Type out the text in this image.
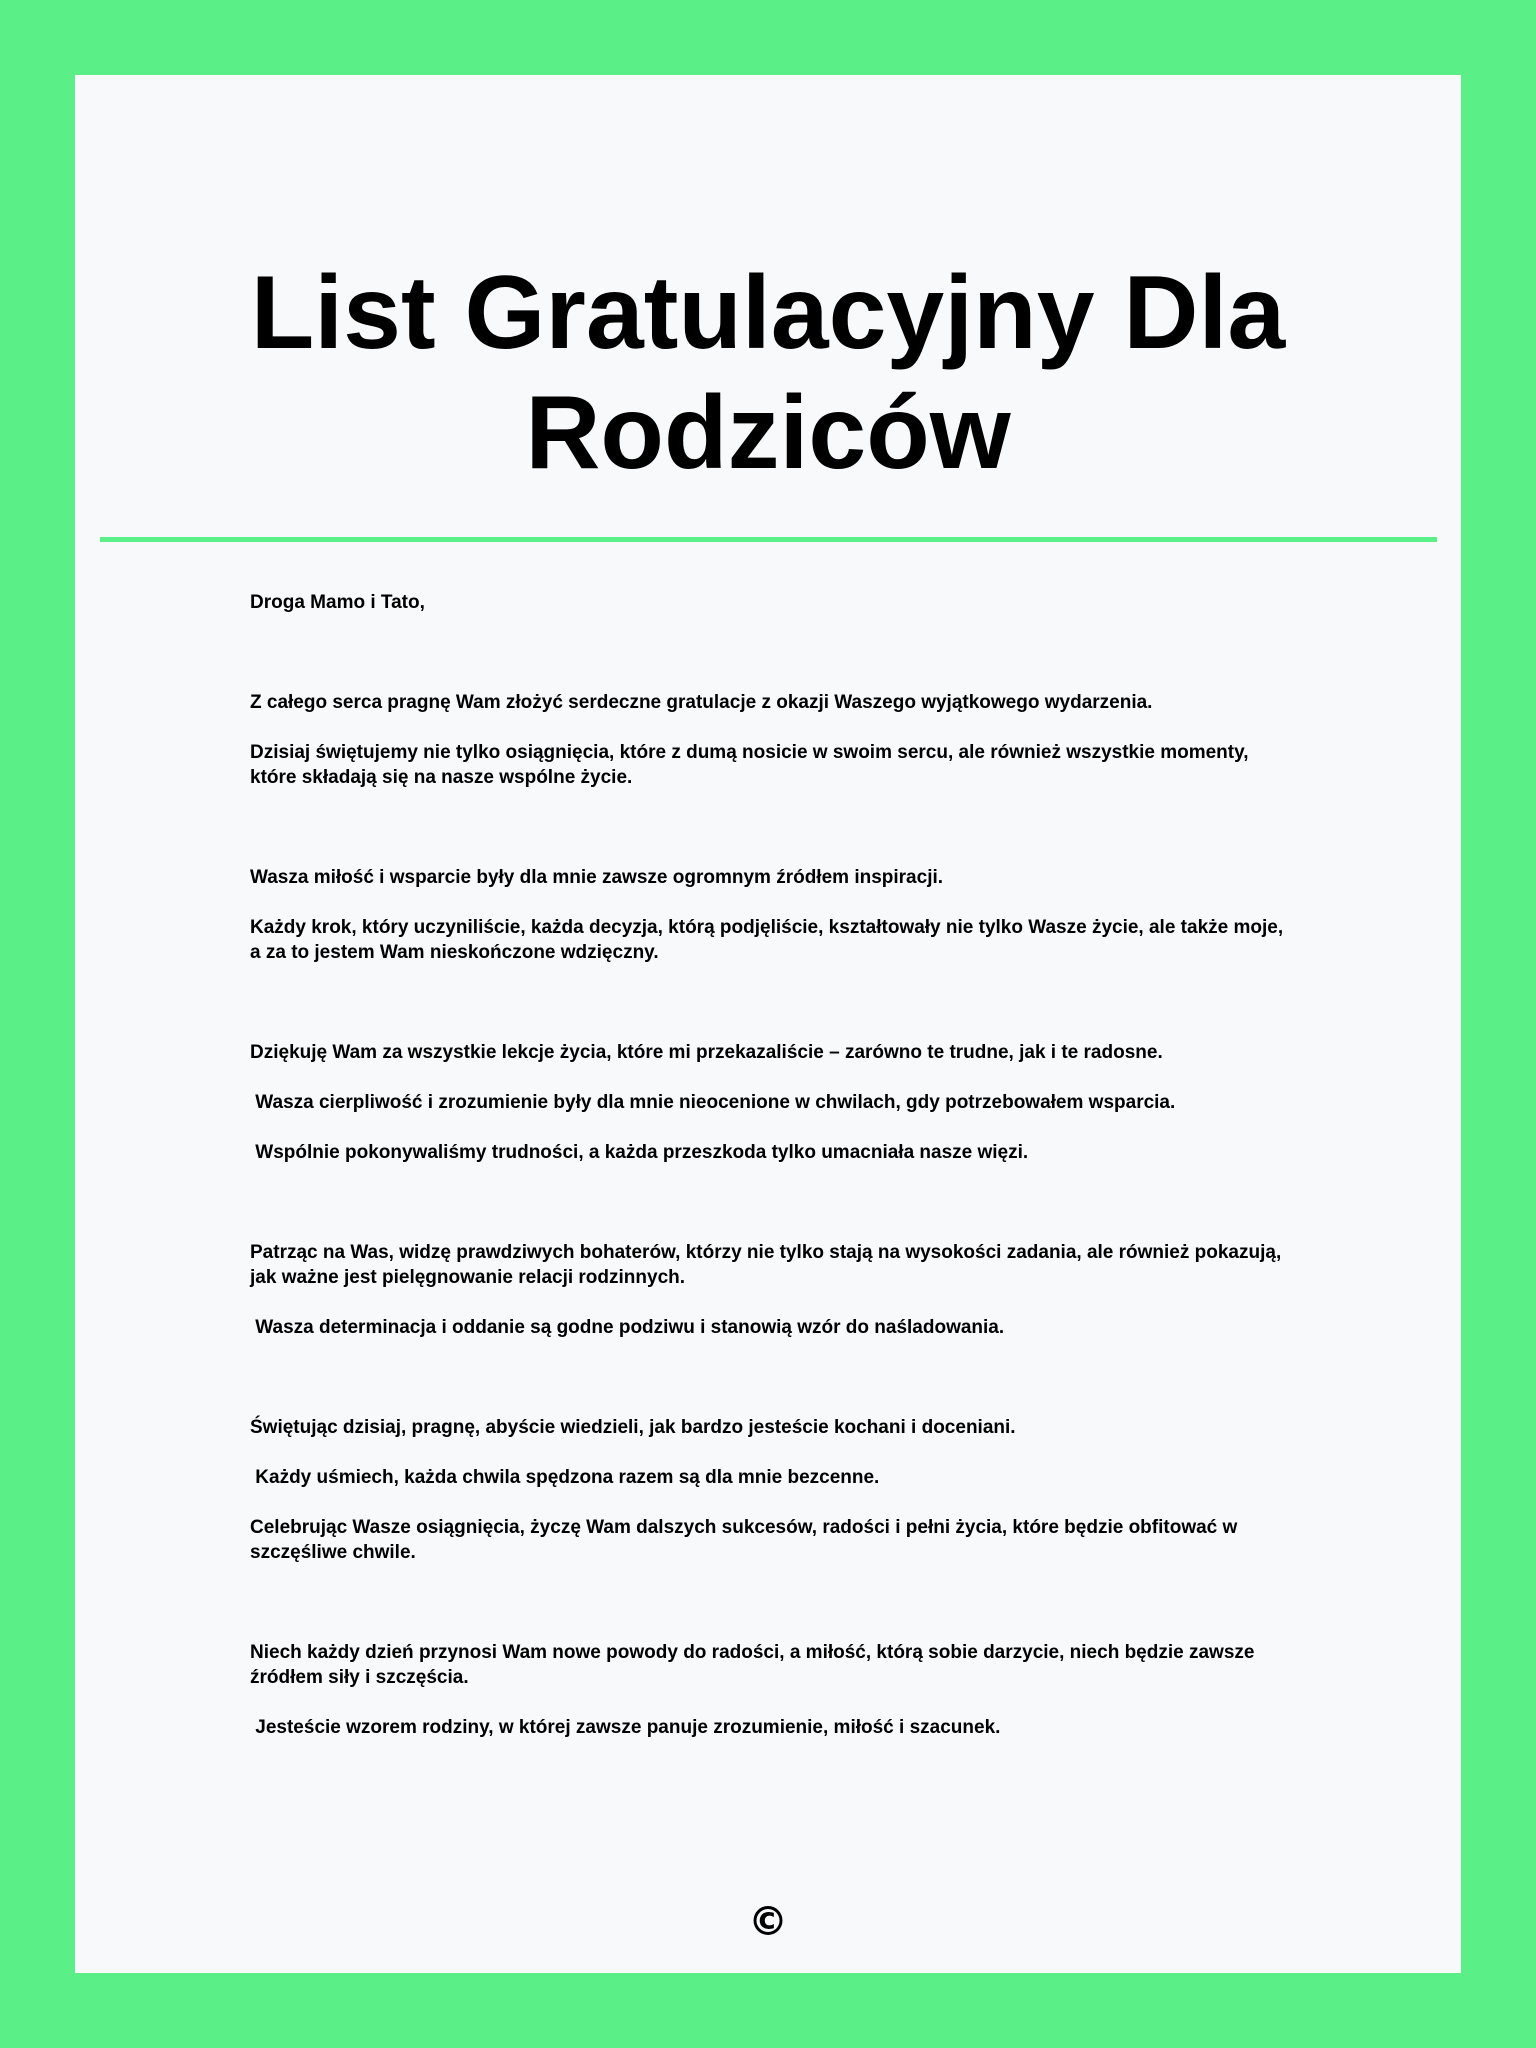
List Gratulacyjny Dla Rodziców

Droga Mamo i Tato,

Z całego serca pragnę Wam złożyć serdeczne gratulacje z okazji Waszego wyjątkowego wydarzenia.

Dzisiaj świętujemy nie tylko osiągnięcia, które z dumą nosicie w swoim sercu, ale również wszystkie momenty, które składają się na nasze wspólne życie.

Wasza miłość i wsparcie były dla mnie zawsze ogromnym źródłem inspiracji.

Każdy krok, który uczyniliście, każda decyzja, którą podjęliście, kształtowały nie tylko Wasze życie, ale także moje, a za to jestem Wam nieskończone wdzięczny.

Dziękuję Wam za wszystkie lekcje życia, które mi przekazaliście – zarówno te trudne, jak i te radosne.

Wasza cierpliwość i zrozumienie były dla mnie nieocenione w chwilach, gdy potrzebowałem wsparcia.

Wspólnie pokonywaliśmy trudności, a każda przeszkoda tylko umacniała nasze więzi.

Patrząc na Was, widzę prawdziwych bohaterów, którzy nie tylko stają na wysokości zadania, ale również pokazują, jak ważne jest pielęgnowanie relacji rodzinnych.

Wasza determinacja i oddanie są godne podziwu i stanowią wzór do naśladowania.

Świętując dzisiaj, pragnę, abyście wiedzieli, jak bardzo jesteście kochani i doceniani.

Każdy uśmiech, każda chwila spędzona razem są dla mnie bezcenne.

Celebrując Wasze osiągnięcia, życzę Wam dalszych sukcesów, radości i pełni życia, które będzie obfitować w szczęśliwe chwile.

Niech każdy dzień przynosi Wam nowe powody do radości, a miłość, którą sobie darzycie, niech będzie zawsze źródłem siły i szczęścia.

Jesteście wzorem rodziny, w której zawsze panuje zrozumienie, miłość i szacunek.

©
